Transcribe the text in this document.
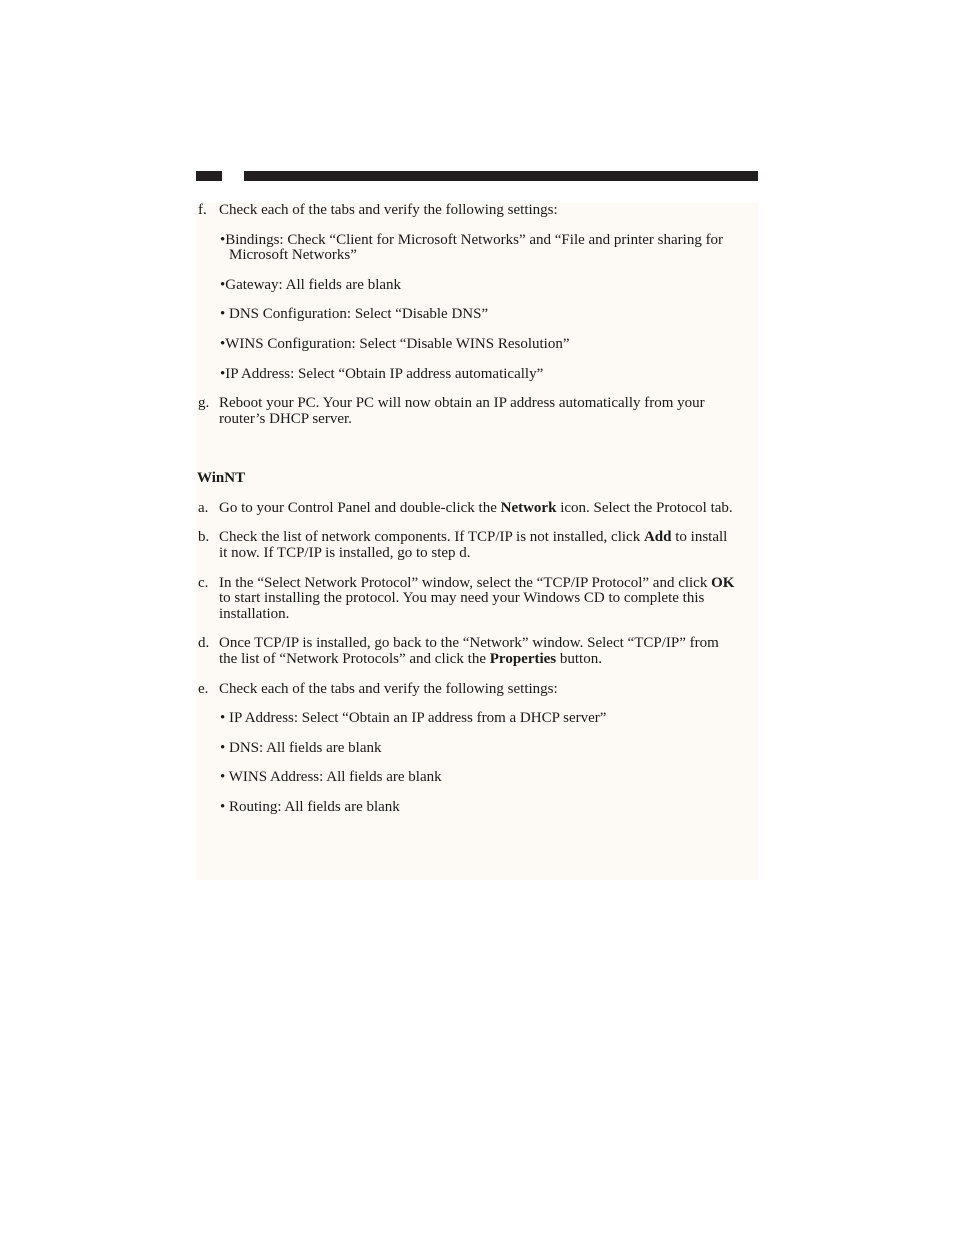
f. Check each of the tabs and verify the following settings:
•Bindings: Check “Client for Microsoft Networks” and “File and printer sharing for
Microsoft Networks”
•Gateway: All fields are blank
• DNS Configuration: Select “Disable DNS”
•WINS Configuration: Select “Disable WINS Resolution”
•IP Address: Select “Obtain IP address automatically”
g. Reboot your PC. Your PC will now obtain an IP address automatically from your
router’s DHCP server.
WinNT
a. Go to your Control Panel and double-click the Network icon. Select the Protocol tab.
b. Check the list of network components. If TCP/IP is not installed, click Add to install
it now. If TCP/IP is installed, go to step d.
c. In the “Select Network Protocol” window, select the “TCP/IP Protocol” and click OK
to start installing the protocol. You may need your Windows CD to complete this
installation.
d. Once TCP/IP is installed, go back to the “Network” window. Select “TCP/IP” from
the list of “Network Protocols” and click the Properties button.
e. Check each of the tabs and verify the following settings:
• IP Address: Select “Obtain an IP address from a DHCP server”
• DNS: All fields are blank
• WINS Address: All fields are blank
• Routing: All fields are blank
